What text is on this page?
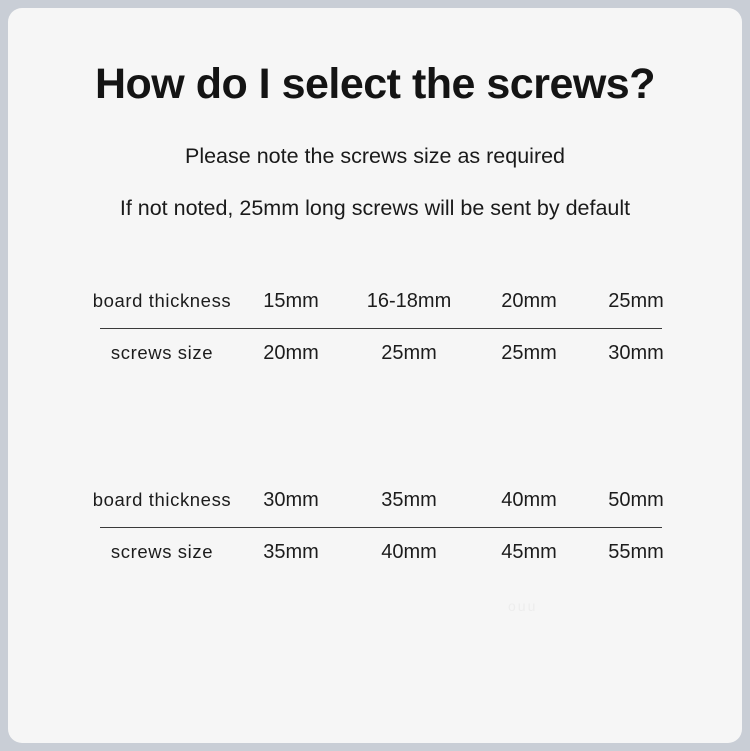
How do I select the screws?
Please note the screws size as required
If not noted, 25mm long screws will be sent by default
board thickness	15mm	16-18mm	20mm	25mm
screws size	20mm	25mm	25mm	30mm
board thickness	30mm	35mm	40mm	50mm
screws size	35mm	40mm	45mm	55mm
ouu
